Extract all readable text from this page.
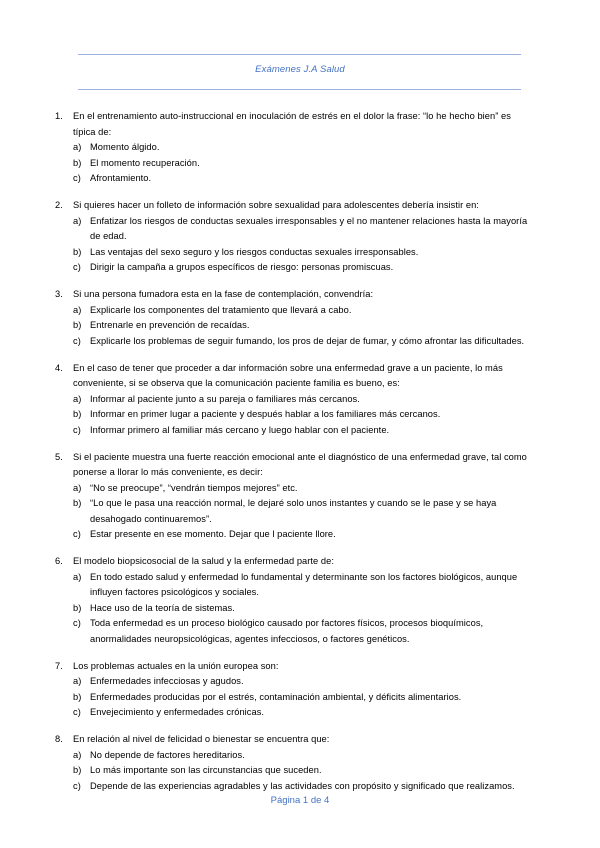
Exámenes J.A Salud
1. En el entrenamiento auto-instruccional en inoculación de estrés en el dolor la frase: “lo he hecho bien” es
típica de:
a) Momento álgido.
b) El momento recuperación.
c) Afrontamiento.
2. Si quieres hacer un folleto de información sobre sexualidad para adolescentes debería insistir en:
a) Enfatizar los riesgos de conductas sexuales irresponsables y el no mantener relaciones hasta la mayoría
de edad.
b) Las ventajas del sexo seguro y los riesgos conductas sexuales irresponsables.
c) Dirigir la campaña a grupos específicos de riesgo: personas promiscuas.
3. Si una persona fumadora esta en la fase de contemplación, convendría:
a) Explicarle los componentes del tratamiento que llevará a cabo.
b) Entrenarle en prevención de recaídas.
c) Explicarle los problemas de seguir fumando, los pros de dejar de fumar, y cómo afrontar las dificultades.
4. En el caso de tener que proceder a dar información sobre una enfermedad grave a un paciente, lo más
conveniente, si se observa que la comunicación paciente familia es bueno, es:
a) Informar al paciente junto a su pareja o familiares más cercanos.
b) Informar en primer lugar a paciente y después hablar a los familiares más cercanos.
c) Informar primero al familiar más cercano y luego hablar con el paciente.
5. Si el paciente muestra una fuerte reacción emocional ante el diagnóstico de una enfermedad grave, tal como
ponerse a llorar lo más conveniente, es decir:
a) “No se preocupe”, “vendrán tiempos mejores” etc.
b) “Lo que le pasa una reacción normal, le dejaré solo unos instantes y cuando se le pase y se haya
desahogado continuaremos”.
c) Estar presente en ese momento. Dejar que l paciente llore.
6. El modelo biopsicosocial de la salud y la enfermedad parte de:
a) En todo estado salud y enfermedad lo fundamental y determinante son los factores biológicos, aunque
influyen factores psicológicos y sociales.
b) Hace uso de la teoría de sistemas.
c) Toda enfermedad es un proceso biológico causado por factores físicos, procesos bioquímicos,
anormalidades neuropsicológicas, agentes infecciosos, o factores genéticos.
7. Los problemas actuales en la unión europea son:
a) Enfermedades infecciosas y agudos.
b) Enfermedades producidas por el estrés, contaminación ambiental, y déficits alimentarios.
c) Envejecimiento y enfermedades crónicas.
8. En relación al nivel de felicidad o bienestar se encuentra que:
a) No depende de factores hereditarios.
b) Lo más importante son las circunstancias que suceden.
c) Depende de las experiencias agradables y las actividades con propósito y significado que realizamos.
Página 1 de 4
